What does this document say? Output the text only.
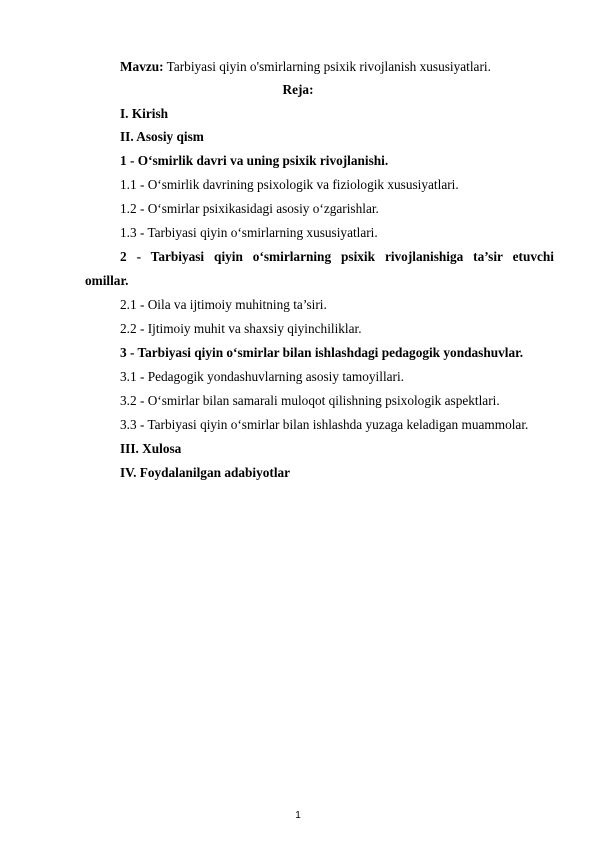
Mavzu: Tarbiyasi qiyin o'smirlarning psixik rivojlanish xususiyatlari.
Reja:
I. Kirish
II. Asosiy qism
1 - O‘smirlik davri va uning psixik rivojlanishi.
1.1 - O‘smirlik davrining psixologik va fiziologik xususiyatlari.
1.2 - O‘smirlar psixikasidagi asosiy o‘zgarishlar.
1.3 - Tarbiyasi qiyin o‘smirlarning xususiyatlari.
2 - Tarbiyasi qiyin o‘smirlarning psixik rivojlanishiga ta’sir etuvchi
omillar.
2.1 - Oila va ijtimoiy muhitning ta’siri.
2.2 - Ijtimoiy muhit va shaxsiy qiyinchiliklar.
3 - Tarbiyasi qiyin o‘smirlar bilan ishlashdagi pedagogik yondashuvlar.
3.1 - Pedagogik yondashuvlarning asosiy tamoyillari.
3.2 - O‘smirlar bilan samarali muloqot qilishning psixologik aspektlari.
3.3 - Tarbiyasi qiyin o‘smirlar bilan ishlashda yuzaga keladigan muammolar.
III. Xulosa
IV. Foydalanilgan adabiyotlar
1
